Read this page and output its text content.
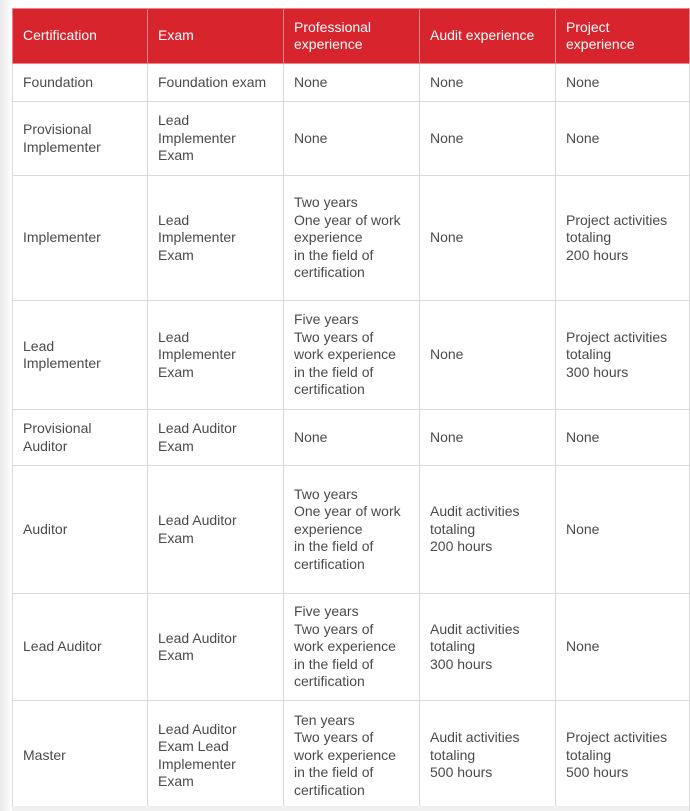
Certification	Exam	Professional
experience	Audit experience	Project
experience

Foundation	Foundation exam	None	None	None

Provisional
Implementer	Lead
Implementer
Exam	None	None	None

Implementer	Lead
Implementer
Exam	Two years
One year of work
experience
in the field of
certification	None	Project activities
totaling
200 hours

Lead
Implementer	Lead
Implementer
Exam	Five years
Two years of
work experience
in the field of
certification	None	Project activities
totaling
300 hours

Provisional
Auditor	Lead Auditor
Exam	None	None	None

Auditor	Lead Auditor
Exam	Two years
One year of work
experience
in the field of
certification	Audit activities
totaling
200 hours	None

Lead Auditor	Lead Auditor
Exam	Five years
Two years of
work experience
in the field of
certification	Audit activities
totaling
300 hours	None

Master	Lead Auditor
Exam Lead
Implementer
Exam	Ten years
Two years of
work experience
in the field of
certification	Audit activities
totaling
500 hours	Project activities
totaling
500 hours
